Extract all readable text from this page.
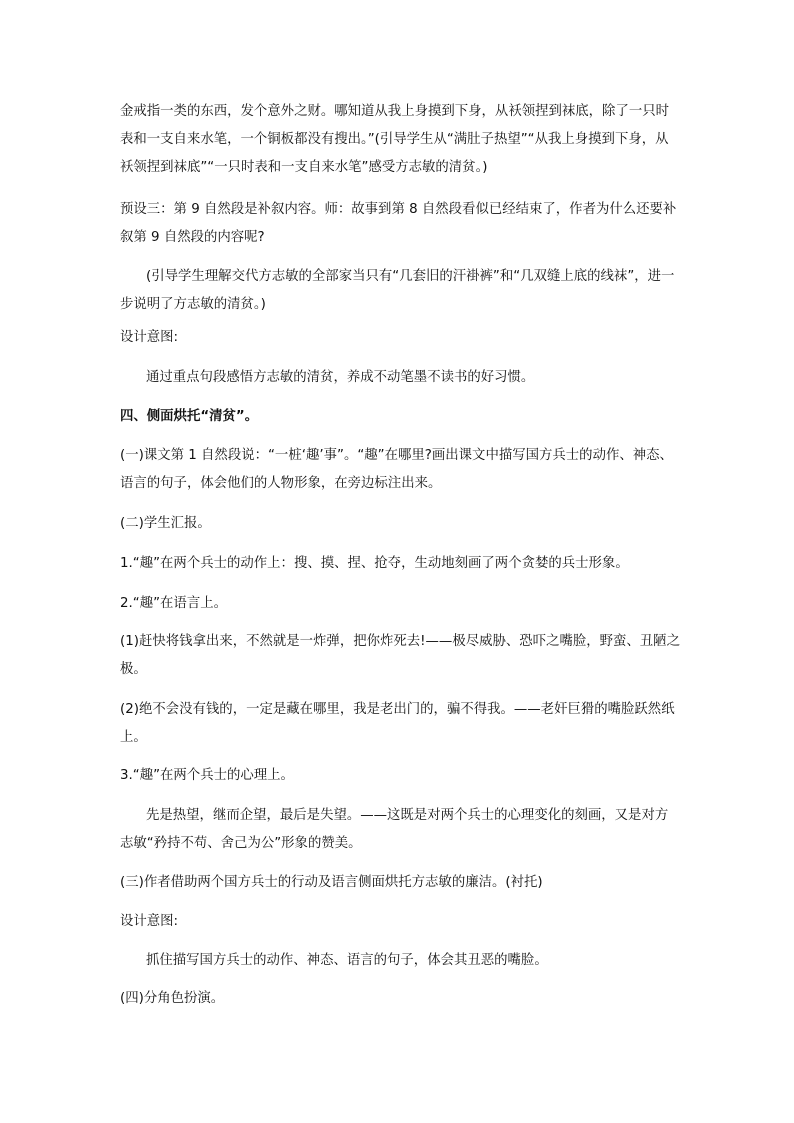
金戒指一类的东西，发个意外之财。哪知道从我上身摸到下身，从袄领捏到袜底，除了一只时表和一支自来水笔，一个铜板都没有搜出。”(引导学生从“满肚子热望”“从我上身摸到下身，从袄领捏到袜底”“一只时表和一支自来水笔”感受方志敏的清贫。)

预设三：第 9 自然段是补叙内容。师：故事到第 8 自然段看似已经结束了，作者为什么还要补叙第 9 自然段的内容呢?

(引导学生理解交代方志敏的全部家当只有“几套旧的汗褂裤”和“几双缝上底的线袜”，进一步说明了方志敏的清贫。)

设计意图:

通过重点句段感悟方志敏的清贫，养成不动笔墨不读书的好习惯。

四、侧面烘托“清贫”。

(一)课文第 1 自然段说：“一桩‘趣’事”。“趣”在哪里?画出课文中描写国方兵士的动作、神态、语言的句子，体会他们的人物形象，在旁边标注出来。

(二)学生汇报。

1.“趣”在两个兵士的动作上：搜、摸、捏、抢夺，生动地刻画了两个贪婪的兵士形象。

2.“趣”在语言上。

(1)赶快将钱拿出来，不然就是一炸弹，把你炸死去!——极尽威胁、恐吓之嘴脸，野蛮、丑陋之极。

(2)绝不会没有钱的，一定是藏在哪里，我是老出门的，骗不得我。——老奸巨猾的嘴脸跃然纸上。

3.“趣”在两个兵士的心理上。

先是热望，继而企望，最后是失望。——这既是对两个兵士的心理变化的刻画，又是对方志敏“矜持不苟、舍己为公”形象的赞美。

(三)作者借助两个国方兵士的行动及语言侧面烘托方志敏的廉洁。(衬托)

设计意图:

抓住描写国方兵士的动作、神态、语言的句子，体会其丑恶的嘴脸。

(四)分角色扮演。
